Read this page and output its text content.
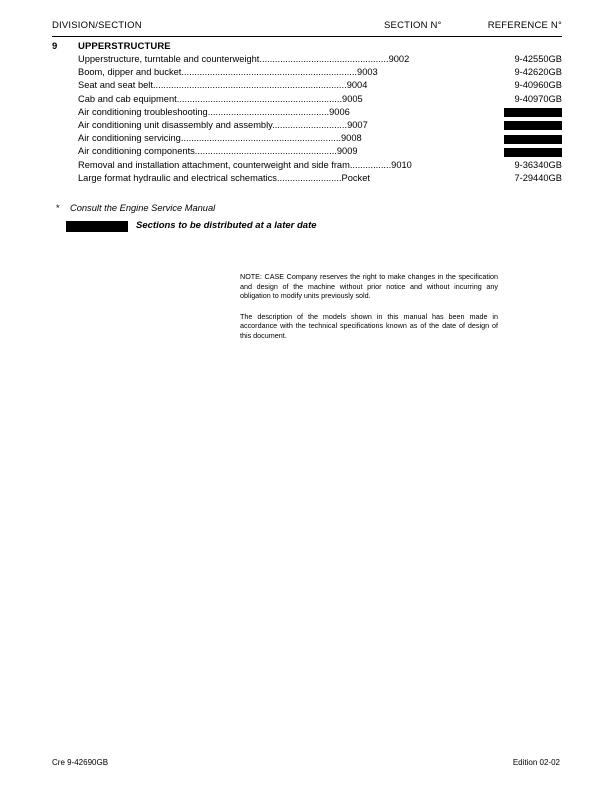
DIVISION/SECTION	SECTION N°	REFERENCE N°
9 UPPERSTRUCTURE
Upperstructure, turntable and counterweight..................................................9002	9-42550GB
Boom, dipper and bucket....................................................................9003	9-42620GB
Seat and seat belt...........................................................................9004	9-40960GB
Cab and cab equipment................................................................9005	9-40970GB
Air conditioning troubleshooting...............................................9006
Air conditioning unit disassembly and assembly.............................9007
Air conditioning servicing..............................................................9008
Air conditioning components.......................................................9009
Removal and installation attachment, counterweight and side fram................9010	9-36340GB
Large format hydraulic and electrical schematics.........................Pocket	7-29440GB
* Consult the Engine Service Manual
Sections to be distributed at a later date

NOTE: CASE Company reserves the right to make changes in the specification and design of the machine without prior notice and without incurring any obligation to modify units previously sold.

The description of the models shown in this manual has been made in accordance with the technical specifications known as of the date of design of this document.

Cre 9-42690GB	Edition 02-02
